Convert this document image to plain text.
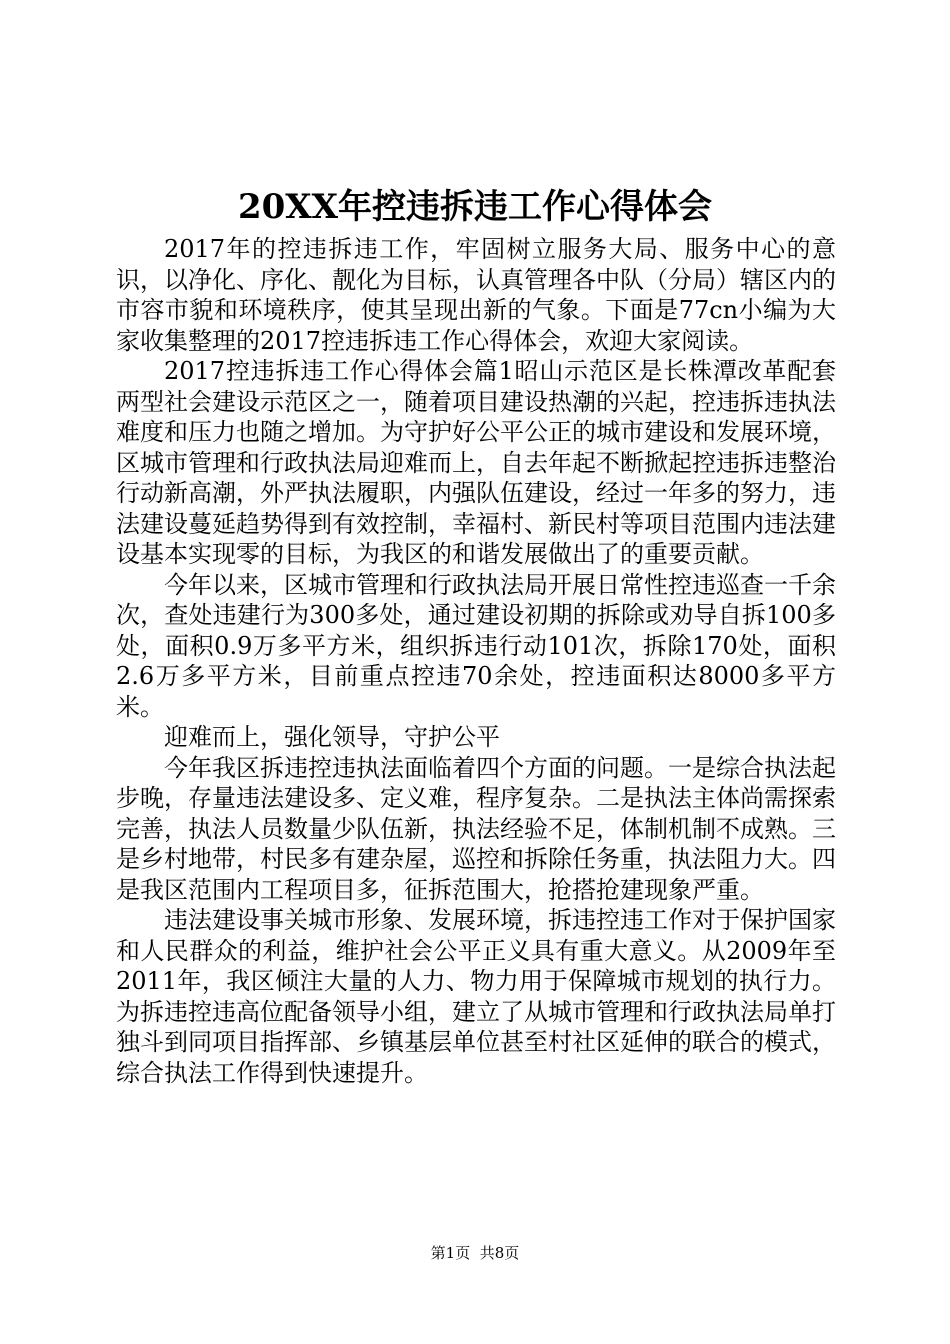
20XX年控违拆违工作心得体会

2017年的控违拆违工作，牢固树立服务大局、服务中心的意识，以净化、序化、靓化为目标，认真管理各中队（分局）辖区内的市容市貌和环境秩序，使其呈现出新的气象。下面是77cn小编为大家收集整理的2017控违拆违工作心得体会，欢迎大家阅读。

2017控违拆违工作心得体会篇1昭山示范区是长株潭改革配套两型社会建设示范区之一，随着项目建设热潮的兴起，控违拆违执法难度和压力也随之增加。为守护好公平公正的城市建设和发展环境，区城市管理和行政执法局迎难而上，自去年起不断掀起控违拆违整治行动新高潮，外严执法履职，内强队伍建设，经过一年多的努力，违法建设蔓延趋势得到有效控制，幸福村、新民村等项目范围内违法建设基本实现零的目标，为我区的和谐发展做出了的重要贡献。

今年以来，区城市管理和行政执法局开展日常性控违巡查一千余次，查处违建行为300多处，通过建设初期的拆除或劝导自拆100多处，面积0.9万多平方米，组织拆违行动101次，拆除170处，面积2.6万多平方米，目前重点控违70余处，控违面积达8000多平方米。

迎难而上，强化领导，守护公平

今年我区拆违控违执法面临着四个方面的问题。一是综合执法起步晚，存量违法建设多、定义难，程序复杂。二是执法主体尚需探索完善，执法人员数量少队伍新，执法经验不足，体制机制不成熟。三是乡村地带，村民多有建杂屋，巡控和拆除任务重，执法阻力大。四是我区范围内工程项目多，征拆范围大，抢搭抢建现象严重。

违法建设事关城市形象、发展环境，拆违控违工作对于保护国家和人民群众的利益，维护社会公平正义具有重大意义。从2009年至2011年，我区倾注大量的人力、物力用于保障城市规划的执行力。为拆违控违高位配备领导小组，建立了从城市管理和行政执法局单打独斗到同项目指挥部、乡镇基层单位甚至村社区延伸的联合的模式，综合执法工作得到快速提升。

第1页 共8页
